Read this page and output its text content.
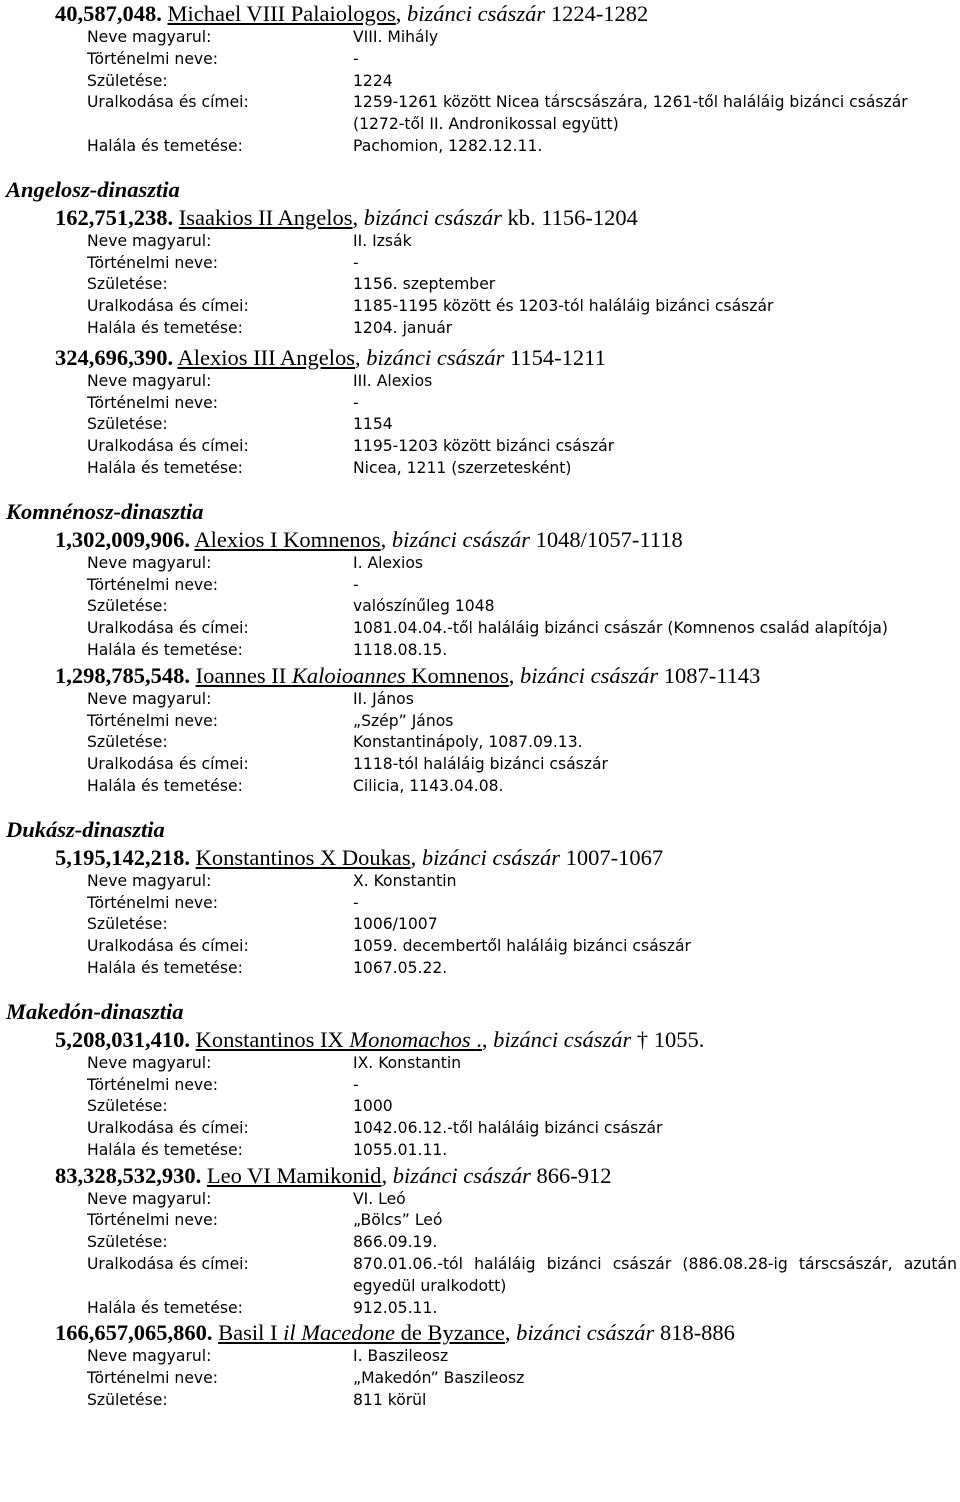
40,587,048. Michael VIII Palaiologos, bizánci császár 1224-1282
Neve magyarul:	VIII. Mihály
Történelmi neve:	-
Születése:	1224
Uralkodása és címei:	1259-1261 között Nicea társcsászára, 1261-től haláláig bizánci császár (1272-től II. Andronikossal együtt)
Halála és temetése:	Pachomion, 1282.12.11.
Angelosz-dinasztia
162,751,238. Isaakios II Angelos, bizánci császár kb. 1156-1204
Neve magyarul:	II. Izsák
Történelmi neve:	-
Születése:	1156. szeptember
Uralkodása és címei:	1185-1195 között és 1203-tól haláláig bizánci császár
Halála és temetése:	1204. január
324,696,390. Alexios III Angelos, bizánci császár 1154-1211
Neve magyarul:	III. Alexios
Történelmi neve:	-
Születése:	1154
Uralkodása és címei:	1195-1203 között bizánci császár
Halála és temetése:	Nicea, 1211 (szerzetesként)
Komnénosz-dinasztia
1,302,009,906. Alexios I Komnenos, bizánci császár 1048/1057-1118
Neve magyarul:	I. Alexios
Történelmi neve:	-
Születése:	valószínűleg 1048
Uralkodása és címei:	1081.04.04.-től haláláig bizánci császár (Komnenos család alapítója)
Halála és temetése:	1118.08.15.
1,298,785,548. Ioannes II Kaloioannes Komnenos, bizánci császár 1087-1143
Neve magyarul:	II. János
Történelmi neve:	„Szép” János
Születése:	Konstantinápoly, 1087.09.13.
Uralkodása és címei:	1118-tól haláláig bizánci császár
Halála és temetése:	Cilicia, 1143.04.08.
Dukász-dinasztia
5,195,142,218. Konstantinos X Doukas, bizánci császár 1007-1067
Neve magyarul:	X. Konstantin
Történelmi neve:	-
Születése:	1006/1007
Uralkodása és címei:	1059. decembertől haláláig bizánci császár
Halála és temetése:	1067.05.22.
Makedón-dinasztia
5,208,031,410. Konstantinos IX Monomachos ., bizánci császár † 1055.
Neve magyarul:	IX. Konstantin
Történelmi neve:	-
Születése:	1000
Uralkodása és címei:	1042.06.12.-től haláláig bizánci császár
Halála és temetése:	1055.01.11.
83,328,532,930. Leo VI Mamikonid, bizánci császár 866-912
Neve magyarul:	VI. Leó
Történelmi neve:	„Bölcs” Leó
Születése:	866.09.19.
Uralkodása és címei:	870.01.06.-tól haláláig bizánci császár (886.08.28-ig társcsászár, azután egyedül uralkodott)
Halála és temetése:	912.05.11.
166,657,065,860. Basil I il Macedone de Byzance, bizánci császár 818-886
Neve magyarul:	I. Baszileosz
Történelmi neve:	„Makedón” Baszileosz
Születése:	811 körül
